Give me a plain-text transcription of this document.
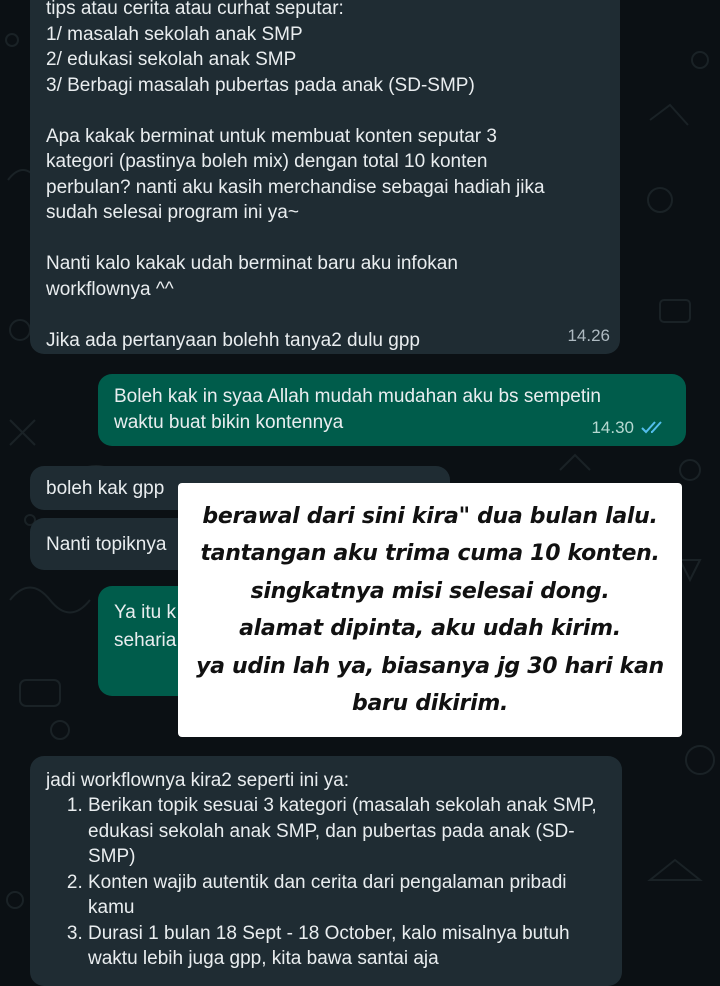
tips atau cerita atau curhat seputar:
1/ masalah sekolah anak SMP
2/ edukasi sekolah anak SMP
3/ Berbagi masalah pubertas pada anak (SD-SMP)

Apa kakak berminat untuk membuat konten seputar 3
kategori (pastinya boleh mix) dengan total 10 konten
perbulan? nanti aku kasih merchandise sebagai hadiah jika
sudah selesai program ini ya~

Nanti kalo kakak udah berminat baru aku infokan
workflownya ^^

Jika ada pertanyaan bolehh tanya2 dulu gpp	14.26
Boleh kak in syaa Allah mudah mudahan aku bs sempetin
waktu buat bikin kontennya	14.30
boleh kak gpp
Nanti topiknya
Ya itu k
seharia
jadi workflownya kira2 seperti ini ya:
1. Berikan topik sesuai 3 kategori (masalah sekolah anak SMP, edukasi sekolah anak SMP, dan pubertas pada anak (SD-SMP)
2. Konten wajib autentik dan cerita dari pengalaman pribadi kamu
3. Durasi 1 bulan 18 Sept - 18 October, kalo misalnya butuh waktu lebih juga gpp, kita bawa santai aja
berawal dari sini kira" dua bulan lalu.
tantangan aku trima cuma 10 konten.
singkatnya misi selesai dong.
alamat dipinta, aku udah kirim.
ya udin lah ya, biasanya jg 30 hari kan
baru dikirim.
